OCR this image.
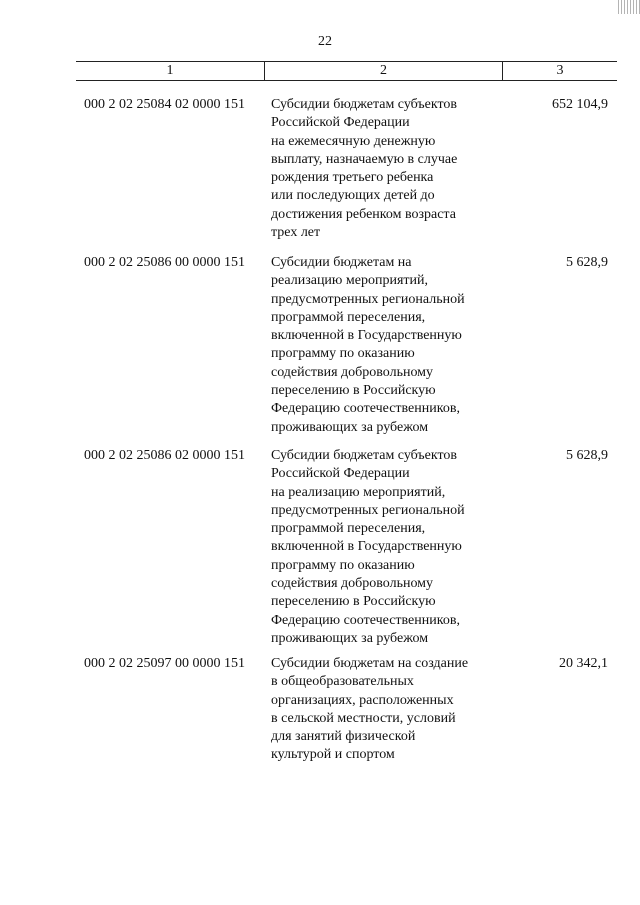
22
1	2	3
000 2 02 25084 02 0000 151 Субсидии бюджетам субъектов
Российской Федерации
на ежемесячную денежную
выплату, назначаемую в случае
рождения третьего ребенка
или последующих детей до
достижения ребенком возраста
трех лет
652 104,9
000 2 02 25086 00 0000 151 Субсидии бюджетам на
реализацию мероприятий,
предусмотренных региональной
программой переселения,
включенной в Государственную
программу по оказанию
содействия добровольному
переселению в Российскую
Федерацию соотечественников,
проживающих за рубежом
5 628,9
000 2 02 25086 02 0000 151 Субсидии бюджетам субъектов
Российской Федерации
на реализацию мероприятий,
предусмотренных региональной
программой переселения,
включенной в Государственную
программу по оказанию
содействия добровольному
переселению в Российскую
Федерацию соотечественников,
проживающих за рубежом
5 628,9
000 2 02 25097 00 0000 151 Субсидии бюджетам на создание
в общеобразовательных
организациях, расположенных
в сельской местности, условий
для занятий физической
культурой и спортом
20 342,1
